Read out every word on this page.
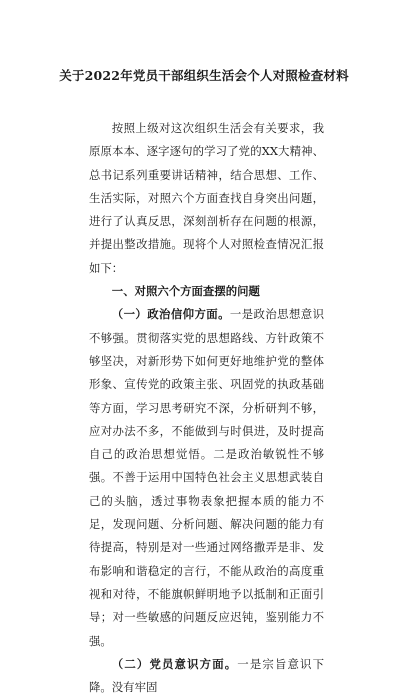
关于2022年党员干部组织生活会个人对照检查材料

按照上级对这次组织生活会有关要求，我原原本本、逐字逐句的学习了党的XX大精神、总书记系列重要讲话精神，结合思想、工作、生活实际，对照六个方面查找自身突出问题，进行了认真反思，深刻剖析存在问题的根源，并提出整改措施。现将个人对照检查情况汇报如下：

一、对照六个方面查摆的问题

（一）政治信仰方面。一是政治思想意识不够强。贯彻落实党的思想路线、方针政策不够坚决，对新形势下如何更好地维护党的整体形象、宣传党的政策主张、巩固党的执政基础等方面，学习思考研究不深，分析研判不够，应对办法不多，不能做到与时俱进，及时提高自己的政治思想觉悟。二是政治敏锐性不够强。不善于运用中国特色社会主义思想武装自己的头脑，透过事物表象把握本质的能力不足，发现问题、分析问题、解决问题的能力有待提高，特别是对一些通过网络撒弄是非、发布影响和谐稳定的言行，不能从政治的高度重视和对待，不能旗帜鲜明地予以抵制和正面引导；对一些敏感的问题反应迟钝，鉴别能力不强。

（二）党员意识方面。一是宗旨意识下降。没有牢固
